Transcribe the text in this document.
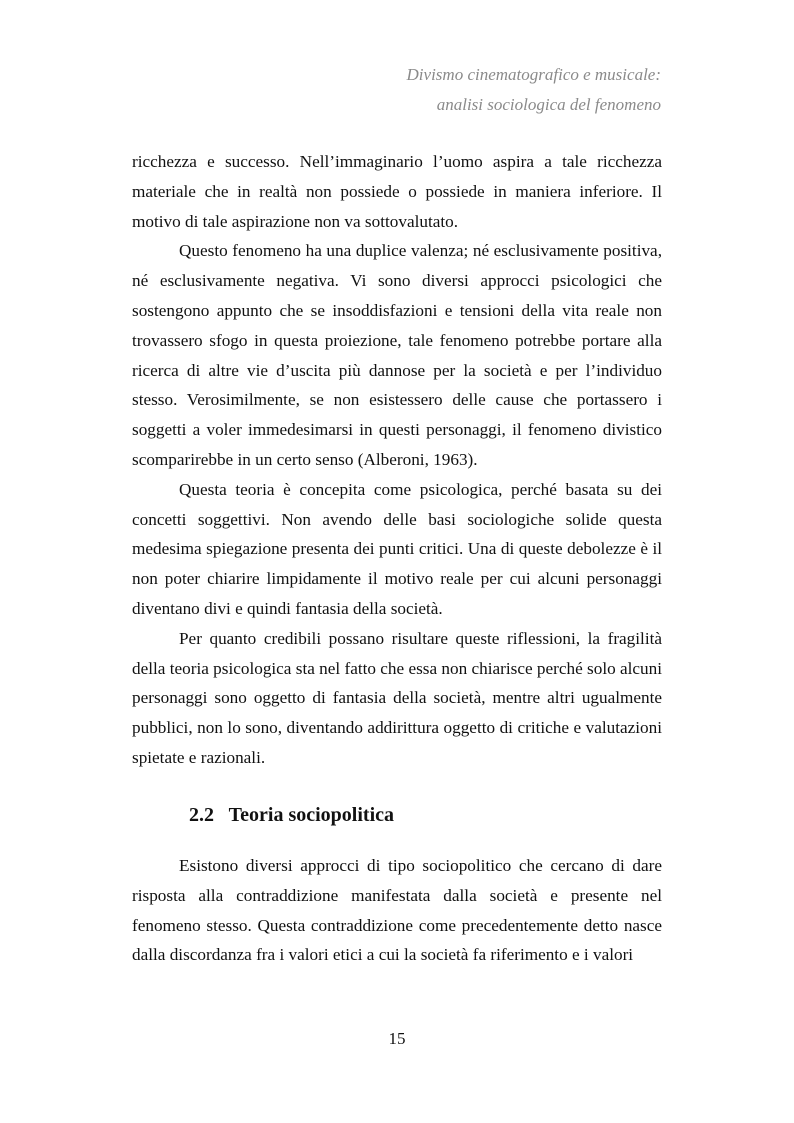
Divismo cinematografico e musicale:
analisi sociologica del fenomeno

ricchezza e successo. Nell’immaginario l’uomo aspira a tale ricchezza materiale che in realtà non possiede o possiede in maniera inferiore. Il motivo di tale aspirazione non va sottovalutato.

Questo fenomeno ha una duplice valenza; né esclusivamente positiva, né esclusivamente negativa. Vi sono diversi approcci psicologici che sostengono appunto che se insoddisfazioni e tensioni della vita reale non trovassero sfogo in questa proiezione, tale fenomeno potrebbe portare alla ricerca di altre vie d’uscita più dannose per la società e per l’individuo stesso. Verosimilmente, se non esistessero delle cause che portassero i soggetti a voler immedesimarsi in questi personaggi, il fenomeno divistico scomparirebbe in un certo senso (Alberoni, 1963).

Questa teoria è concepita come psicologica, perché basata su dei concetti soggettivi. Non avendo delle basi sociologiche solide questa medesima spiegazione presenta dei punti critici. Una di queste debolezze è il non poter chiarire limpidamente il motivo reale per cui alcuni personaggi diventano divi e quindi fantasia della società.

Per quanto credibili possano risultare queste riflessioni, la fragilità della teoria psicologica sta nel fatto che essa non chiarisce perché solo alcuni personaggi sono oggetto di fantasia della società, mentre altri ugualmente pubblici, non lo sono, diventando addirittura oggetto di critiche e valutazioni spietate e razionali.

2.2 Teoria sociopolitica

Esistono diversi approcci di tipo sociopolitico che cercano di dare risposta alla contraddizione manifestata dalla società e presente nel fenomeno stesso. Questa contraddizione come precedentemente detto nasce dalla discordanza fra i valori etici a cui la società fa riferimento e i valori

15
